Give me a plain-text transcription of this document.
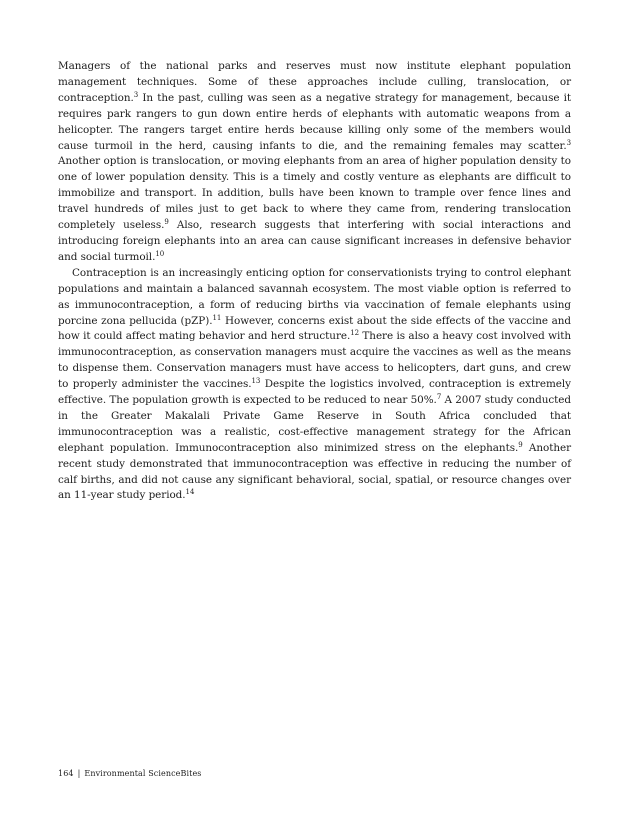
Managers of the national parks and reserves must now institute elephant population management techniques. Some of these approaches include culling, translocation, or contraception.$^3$ In the past, culling was seen as a negative strategy for management, because it requires park rangers to gun down entire herds of elephants with automatic weapons from a helicopter. The rangers target entire herds because killing only some of the members would cause turmoil in the herd, causing infants to die, and the remaining females may scatter.$^3$ Another option is translocation, or moving elephants from an area of higher population density to one of lower population density. This is a timely and costly venture as elephants are difficult to immobilize and transport. In addition, bulls have been known to trample over fence lines and travel hundreds of miles just to get back to where they came from, rendering translocation completely useless.$^9$ Also, research suggests that interfering with social interactions and introducing foreign elephants into an area can cause significant increases in defensive behavior and social turmoil.$^{10}$

Contraception is an increasingly enticing option for conservationists trying to control elephant populations and maintain a balanced savannah ecosystem. The most viable option is referred to as immunocontraception, a form of reducing births via vaccination of female elephants using porcine zona pellucida (pZP).$^{11}$ However, concerns exist about the side effects of the vaccine and how it could affect mating behavior and herd structure.$^{12}$ There is also a heavy cost involved with immunocontraception, as conservation managers must acquire the vaccines as well as the means to dispense them. Conservation managers must have access to helicopters, dart guns, and crew to properly administer the vaccines.$^{13}$ Despite the logistics involved, contraception is extremely effective. The population growth is expected to be reduced to near 50%.$^7$ A 2007 study conducted in the Greater Makalali Private Game Reserve in South Africa concluded that immunocontraception was a realistic, cost-effective management strategy for the African elephant population. Immunocontraception also minimized stress on the elephants.$^9$ Another recent study demonstrated that immunocontraception was effective in reducing the number of calf births, and did not cause any significant behavioral, social, spatial, or resource changes over an 11-year study period.$^{14}$

164 | Environmental ScienceBites
